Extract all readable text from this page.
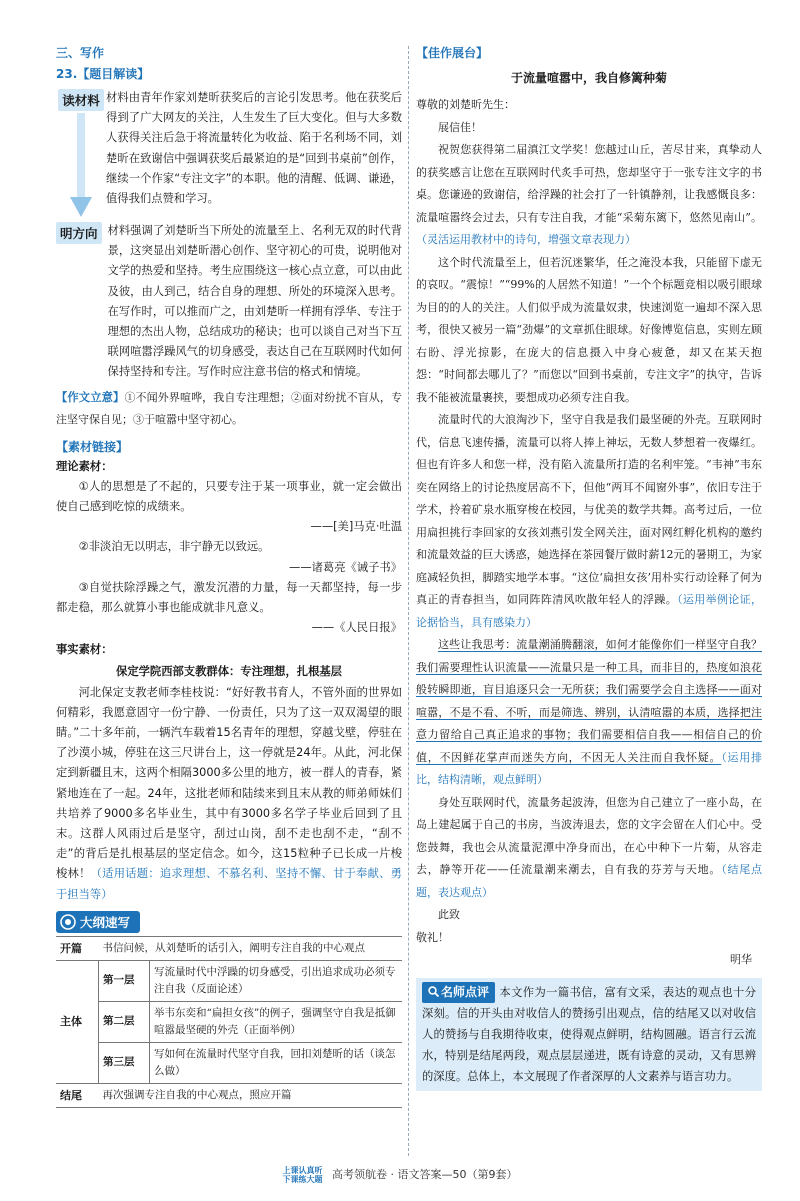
三、写作

23.【题目解读】

读材料 材料由青年作家刘楚昕获奖后的言论引发思考。他在获奖后得到了广大网友的关注，人生发生了巨大变化。但与大多数人获得关注后急于将流量转化为收益、陷于名利场不同，刘楚昕在致谢信中强调获奖后最紧迫的是“回到书桌前”创作，继续一个作家“专注文字”的本职。他的清醒、低调、谦逊，值得我们点赞和学习。

明方向 材料强调了刘楚昕当下所处的流量至上、名利无双的时代背景，这突显出刘楚昕潜心创作、坚守初心的可贵，说明他对文学的热爱和坚持。考生应围绕这一核心点立意，可以由此及彼，由人到己，结合自身的理想、所处的环境深入思考。在写作时，可以推而广之，由刘楚昕一样拥有浮华、专注于理想的杰出人物，总结成功的秘诀；也可以谈自己对当下互联网喧嚣浮躁风气的切身感受，表达自己在互联网时代如何保持坚持和专注。写作时应注意书信的格式和情境。

【作文立意】①不闻外界喧哗，我自专注理想；②面对纷扰不盲从，专注坚守保自见；③于喧嚣中坚守初心。

【素材链接】

理论素材：

①人的思想是了不起的，只要专注于某一项事业，就一定会做出使自己感到吃惊的成绩来。

——[美]马克·吐温

②非淡泊无以明志，非宁静无以致远。

——诸葛亮《诫子书》

③自觉扶除浮躁之气，激发沉潜的力量，每一天都坚持，每一步都走稳，那么就算小事也能成就非凡意义。

——《人民日报》

事实素材：

保定学院西部支教群体：专注理想，扎根基层

河北保定支教老师李桂枝说：“好好教书育人，不管外面的世界如何精彩，我愿意固守一份宁静、一份责任，只为了这一双双渴望的眼睛。”二十多年前，一辆汽车载着15名青年的理想，穿越戈壁，停驻在了沙漠小城，停驻在这三尺讲台上，这一停就是24年。从此，河北保定到新疆且末，这两个相隔3000多公里的地方，被一群人的青春，紧紧地连在了一起。24年，这批老师和陆续来到且末从教的师弟师妹们共培养了9000多名毕业生，其中有3000多名学子毕业后回到了且末。这群人风雨过后是坚守，刮过山岗，刮不走也刮不走，“刮不走”的背后是扎根基层的坚定信念。如今，这15粒种子已长成一片梭梭林！（适用话题：追求理想、不慕名利、坚持不懈、甘于奉献、勇于担当等）

大纲速写
开篇	书信问候，从刘楚昕的话引入，阐明专注自我的中心观点	
主体	第一层	写流量时代中浮躁的切身感受，引出追求成功必须专注自我（反面论述）
	第二层	举韦东奕和“扁担女孩”的例子，强调坚守自我是抵御喧嚣最坚硬的外壳（正面举例）
	第三层	写如何在流量时代坚守自我，回扣刘楚昕的话（谈怎么做）
结尾	再次强调专注自我的中心观点，照应开篇	

【佳作展台】

于流量喧嚣中，我自修篱种菊

尊敬的刘楚昕先生：

展信佳！

祝贺您获得第二届滇江文学奖！您越过山丘，苦尽甘来，真挚动人的获奖感言让您在互联网时代炙手可热，您却坚守于一张专注文字的书桌。您谦逊的致谢信，给浮躁的社会打了一针镇静剂，让我感慨良多：流量喧嚣终会过去，只有专注自我，才能“采菊东篱下，悠然见南山”。（灵活运用教材中的诗句，增强文章表现力）

这个时代流量至上，但若沉迷繁华，任之淹没本我，只能留下虚无的哀叹。“震惊！”“99%的人居然不知道！”一个个标题竞相以吸引眼球为目的的人的关注。人们似乎成为流量奴隶，快速浏览一遍却不深入思考，很快又被另一篇“劲爆”的文章抓住眼球。好像博览信息，实则左顾右盼、浮光掠影，在庞大的信息摄入中身心疲惫，却又在某天抱怨：“时间都去哪儿了？”而您以“回到书桌前，专注文字”的执守，告诉我不能被流量裹挟，要想成功必须专注自我。

流量时代的大浪淘沙下，坚守自我是我们最坚硬的外壳。互联网时代，信息飞速传播，流量可以将人捧上神坛，无数人梦想着一夜爆红。但也有许多人和您一样，没有陷入流量所打造的名利牢笼。“韦神”韦东奕在网络上的讨论热度居高不下，但他“两耳不闻窗外事”，依旧专注于学术，拎着矿泉水瓶穿梭在校园，与优美的数学共舞。高考过后，一位用扁担挑行李回家的女孩刘燕引发全网关注，面对网红孵化机构的邀约和流量效益的巨大诱惑，她选择在茶园餐厅做时薪12元的暑期工，为家庭减轻负担，脚踏实地学本事。“这位‘扁担女孩’用朴实行动诠释了何为真正的青春担当，如同阵阵清风吹散年轻人的浮躁。（运用举例论证，论据恰当，具有感染力）

这些让我思考：流量潮涌腾翻滚，如何才能像你们一样坚守自我？我们需要理性认识流量——流量只是一种工具，而非目的，热度如浪花般转瞬即逝，盲目追逐只会一无所获；我们需要学会自主选择——面对喧嚣，不是不看、不听，而是筛选、辨别，认清喧嚣的本质，选择把注意力留给自己真正追求的事物；我们需要相信自我——相信自己的价值，不因鲜花掌声而迷失方向，不因无人关注而自我怀疑。（运用排比，结构清晰，观点鲜明）

身处互联网时代，流量务起波涛，但您为自己建立了一座小岛，在岛上建起属于自己的书房，当波涛退去，您的文字会留在人们心中。受您鼓舞，我也会从流量泥潭中净身而出，在心中种下一片菊，从容走去，静等开花——任流量潮来潮去，自有我的芬芳与天地。（结尾点题，表达观点）

此致

敬礼！

明华

名师点评 本文作为一篇书信，富有文采，表达的观点也十分深刻。信的开头由对收信人的赞扬引出观点，信的结尾又以对收信人的赞扬与自我期待收束，使得观点鲜明，结构圆融。语言行云流水，特别是结尾两段，观点层层递进，既有诗意的灵动，又有思辨的深度。总体上，本文展现了作者深厚的人文素养与语言功力。
上课认真听
下课练大题 高考领航卷 · 语文答案—50（第9套）
